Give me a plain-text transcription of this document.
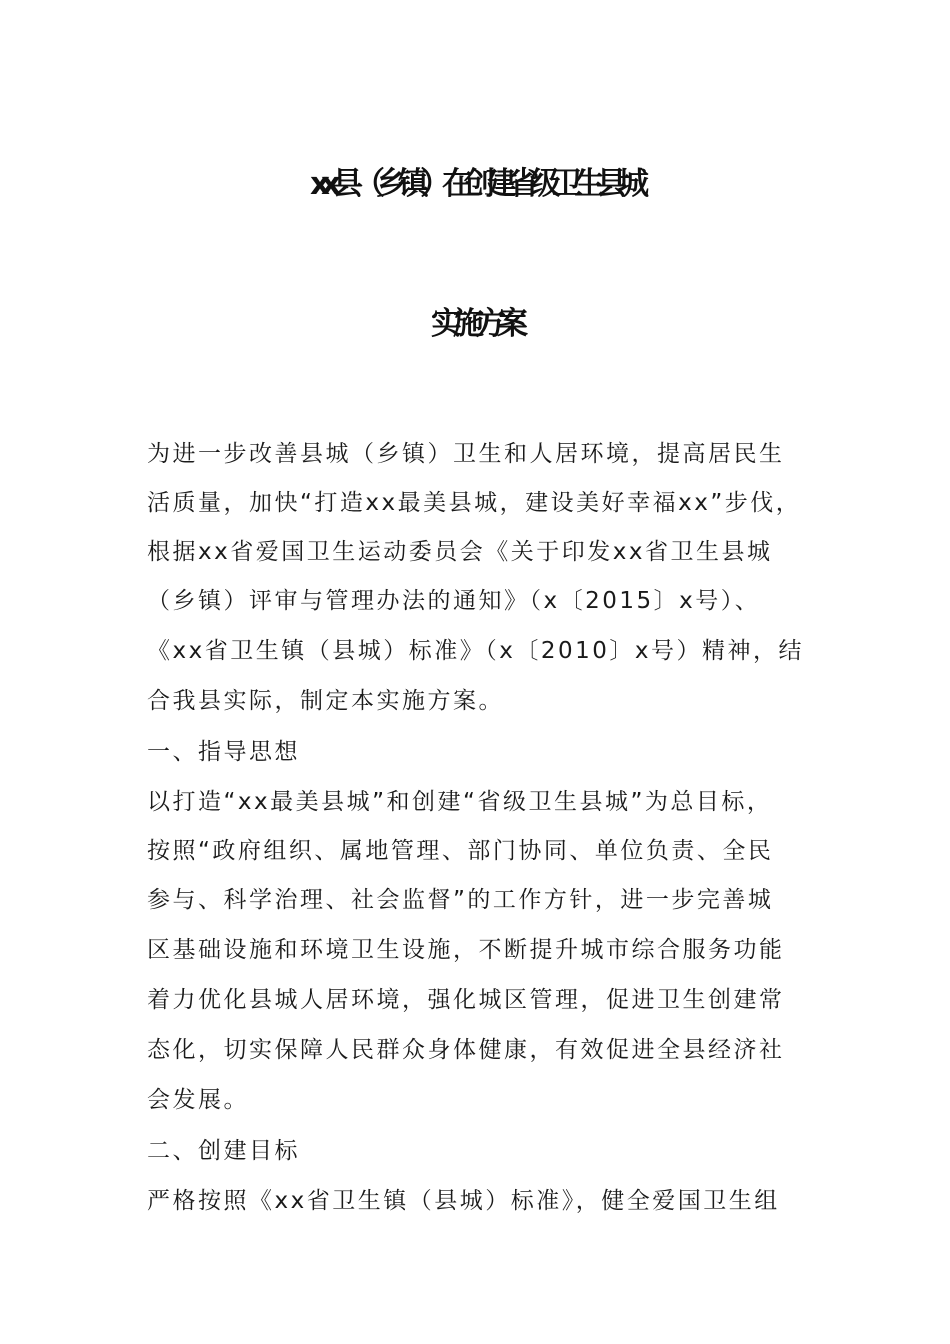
xx县（乡镇）在创建省级卫生县城
实施方案
为进一步改善县城（乡镇）卫生和人居环境，提高居民生
活质量，加快“打造xx最美县城，建设美好幸福xx”步伐，
根据xx省爱国卫生运动委员会《关于印发xx省卫生县城
（乡镇）评审与管理办法的通知》（x〔2015〕x号）、
《xx省卫生镇（县城）标准》（x〔2010〕x号）精神，结
合我县实际，制定本实施方案。
一、指导思想
以打造“xx最美县城”和创建“省级卫生县城”为总目标，
按照“政府组织、属地管理、部门协同、单位负责、全民
参与、科学治理、社会监督”的工作方针，进一步完善城
区基础设施和环境卫生设施，不断提升城市综合服务功能
着力优化县城人居环境，强化城区管理，促进卫生创建常
态化，切实保障人民群众身体健康，有效促进全县经济社
会发展。
二、创建目标
严格按照《xx省卫生镇（县城）标准》，健全爱国卫生组
